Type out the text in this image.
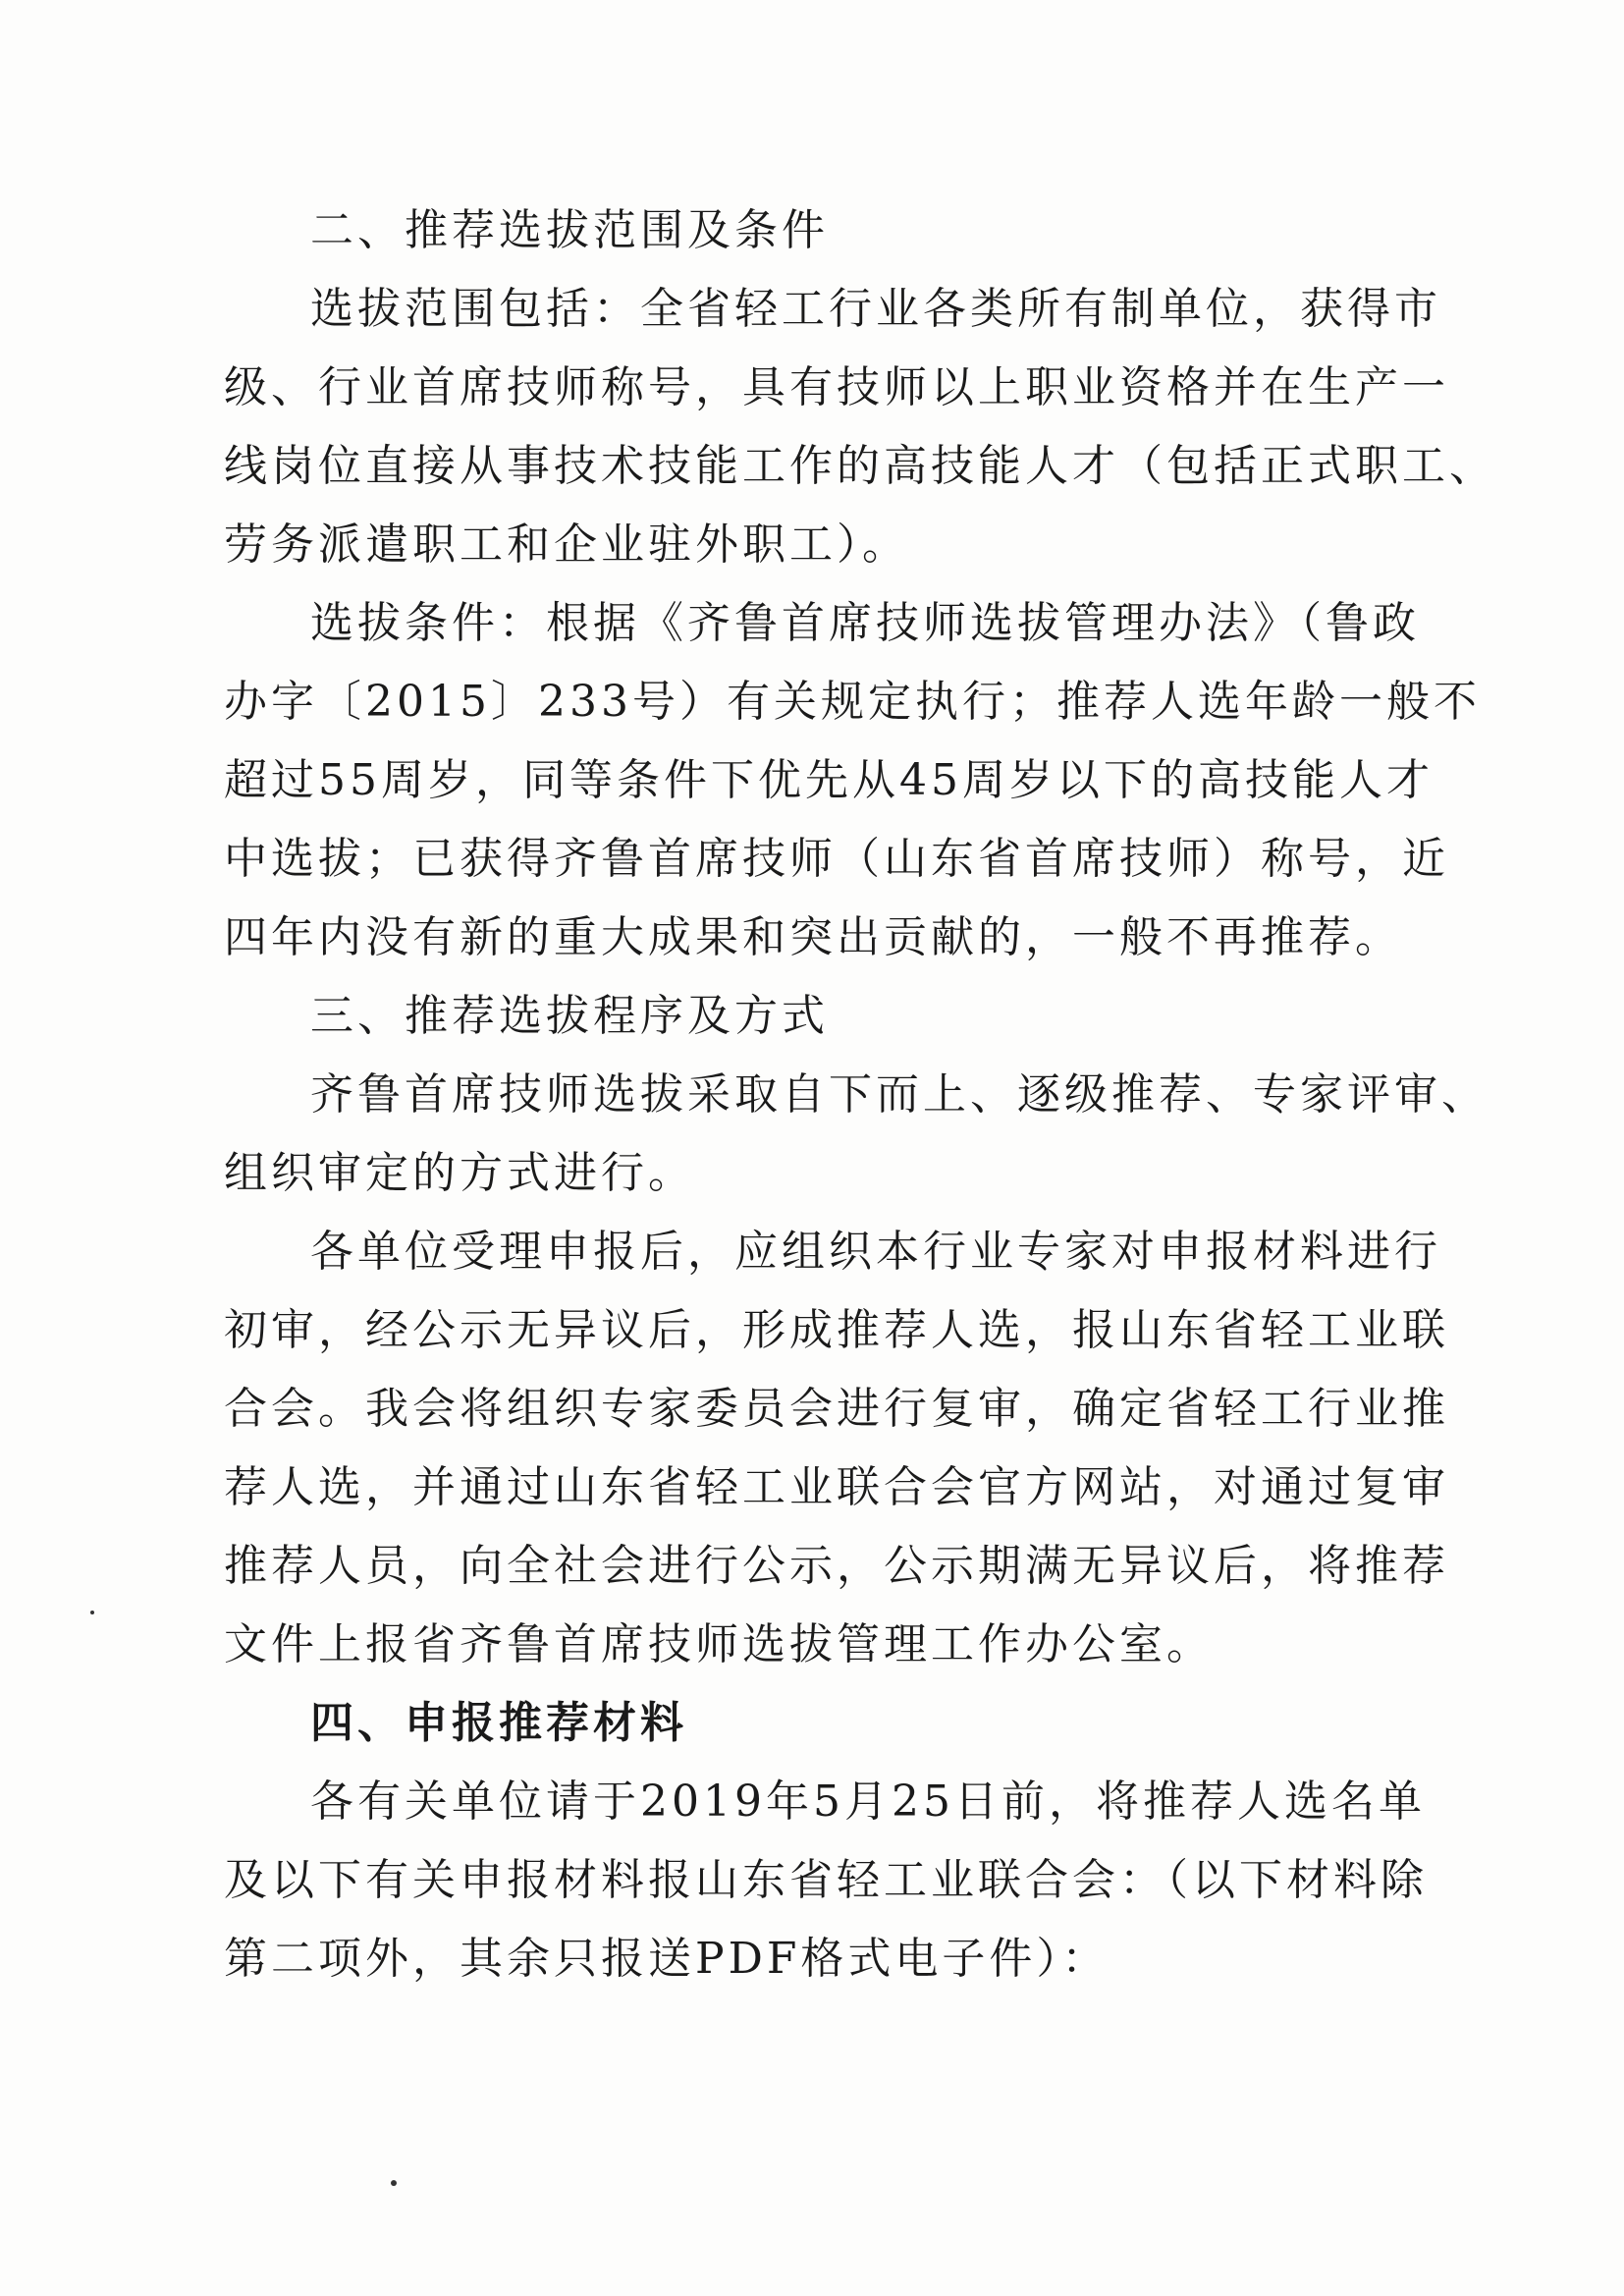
二、推荐选拔范围及条件
选拔范围包括：全省轻工行业各类所有制单位，获得市
级、行业首席技师称号，具有技师以上职业资格并在生产一
线岗位直接从事技术技能工作的高技能人才（包括正式职工、
劳务派遣职工和企业驻外职工）。
选拔条件：根据《齐鲁首席技师选拔管理办法》（鲁政
办字〔2015〕233号）有关规定执行；推荐人选年龄一般不
超过55周岁，同等条件下优先从45周岁以下的高技能人才
中选拔；已获得齐鲁首席技师（山东省首席技师）称号，近
四年内没有新的重大成果和突出贡献的，一般不再推荐。
三、推荐选拔程序及方式
齐鲁首席技师选拔采取自下而上、逐级推荐、专家评审、
组织审定的方式进行。
各单位受理申报后，应组织本行业专家对申报材料进行
初审，经公示无异议后，形成推荐人选，报山东省轻工业联
合会。我会将组织专家委员会进行复审，确定省轻工行业推
荐人选，并通过山东省轻工业联合会官方网站，对通过复审
推荐人员，向全社会进行公示，公示期满无异议后，将推荐
文件上报省齐鲁首席技师选拔管理工作办公室。
四、申报推荐材料
各有关单位请于2019年5月25日前，将推荐人选名单
及以下有关申报材料报山东省轻工业联合会：（以下材料除
第二项外，其余只报送PDF格式电子件）：
